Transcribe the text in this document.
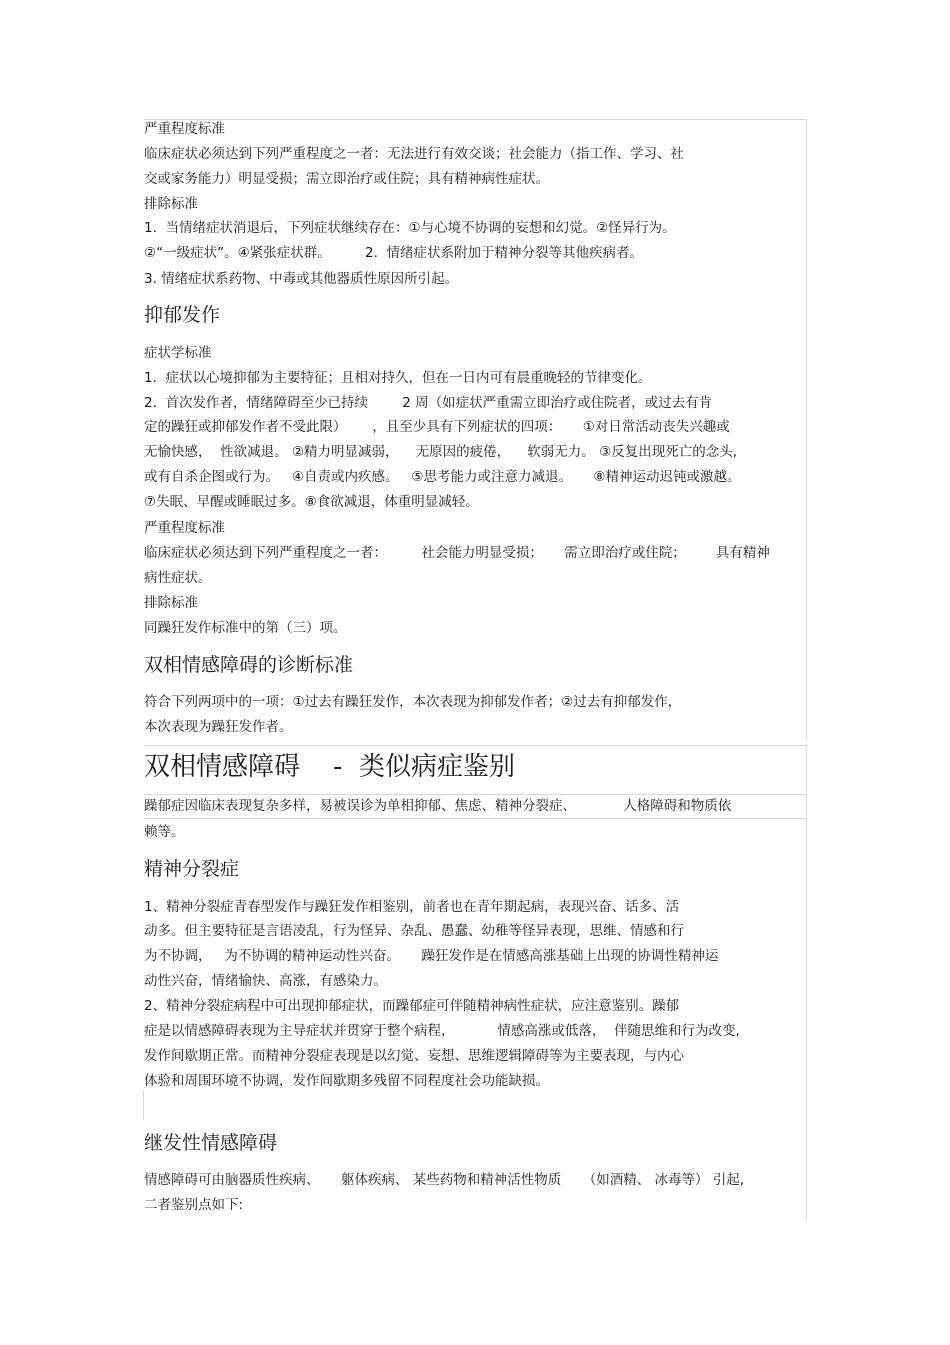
严重程度标准
临床症状必须达到下列严重程度之一者：无法进行有效交谈；社会能力（指工作、学习、社
交或家务能力）明显受损；需立即治疗或住院；具有精神病性症状。
排除标准
1.  当情绪症状消退后，下列症状继续存在：①与心境不协调的妄想和幻觉。②怪异行为。
②“一级症状”。④紧张症状群。        2.  情绪症状系附加于精神分裂等其他疾病者。
3. 情绪症状系药物、中毒或其他器质性原因所引起。
抑郁发作
症状学标准
1.  症状以心境抑郁为主要特征；且相对持久，但在一日内可有晨重晚轻的节律变化。
2.  首次发作者，情绪障碍至少已持续        2 周（如症状严重需立即治疗或住院者，或过去有肯
定的躁狂或抑郁发作者不受此限）      ，且至少具有下列症状的四项：     ①对日常活动丧失兴趣或
无愉快感，  性欲减退。 ②精力明显减弱，    无原因的疲倦，    软弱无力。 ③反复出现死亡的念头,
或有自杀企图或行为。   ④自责或内疚感。   ⑤思考能力或注意力减退。     ⑧精神运动迟钝或激越。
⑦失眠、早醒或睡眠过多。⑧食欲减退，体重明显减轻。
严重程度标准
临床症状必须达到下列严重程度之一者：        社会能力明显受损；     需立即治疗或住院；       具有精神
病性症状。
排除标准
同躁狂发作标准中的第（三）项。
双相情感障碍的诊断标准
符合下列两项中的一项：①过去有躁狂发作，本次表现为抑郁发作者；②过去有抑郁发作，
本次表现为躁狂发作者。
双相情感障碍    -  类似病症鉴别
躁郁症因临床表现复杂多样，易被误诊为单相抑郁、焦虑、精神分裂症、           人格障碍和物质依
赖等。
精神分裂症
1、精神分裂症青春型发作与躁狂发作相鉴别，前者也在青年期起病，表现兴奋、话多、活
动多。但主要特征是言语凌乱，行为怪异、杂乱、愚蠢、幼稚等怪异表现，思维、情感和行
为不协调，   为不协调的精神运动性兴奋。     躁狂发作是在情感高涨基础上出现的协调性精神运
动性兴奋，情绪愉快、高涨，有感染力。
2、精神分裂症病程中可出现抑郁症状，而躁郁症可伴随精神病性症状，应注意鉴别。躁郁
症是以情感障碍表现为主导症状并贯穿于整个病程，          情感高涨或低落，  伴随思维和行为改变,
发作间歇期正常。而精神分裂症表现是以幻觉、妄想、思维逻辑障碍等为主要表现，与内心
体验和周围环境不协调，发作间歇期多残留不同程度社会功能缺损。
继发性情感障碍
情感障碍可由脑器质性疾病、     躯体疾病、 某些药物和精神活性物质     （如酒精、 冰毒等） 引起,
二者鉴别点如下:
